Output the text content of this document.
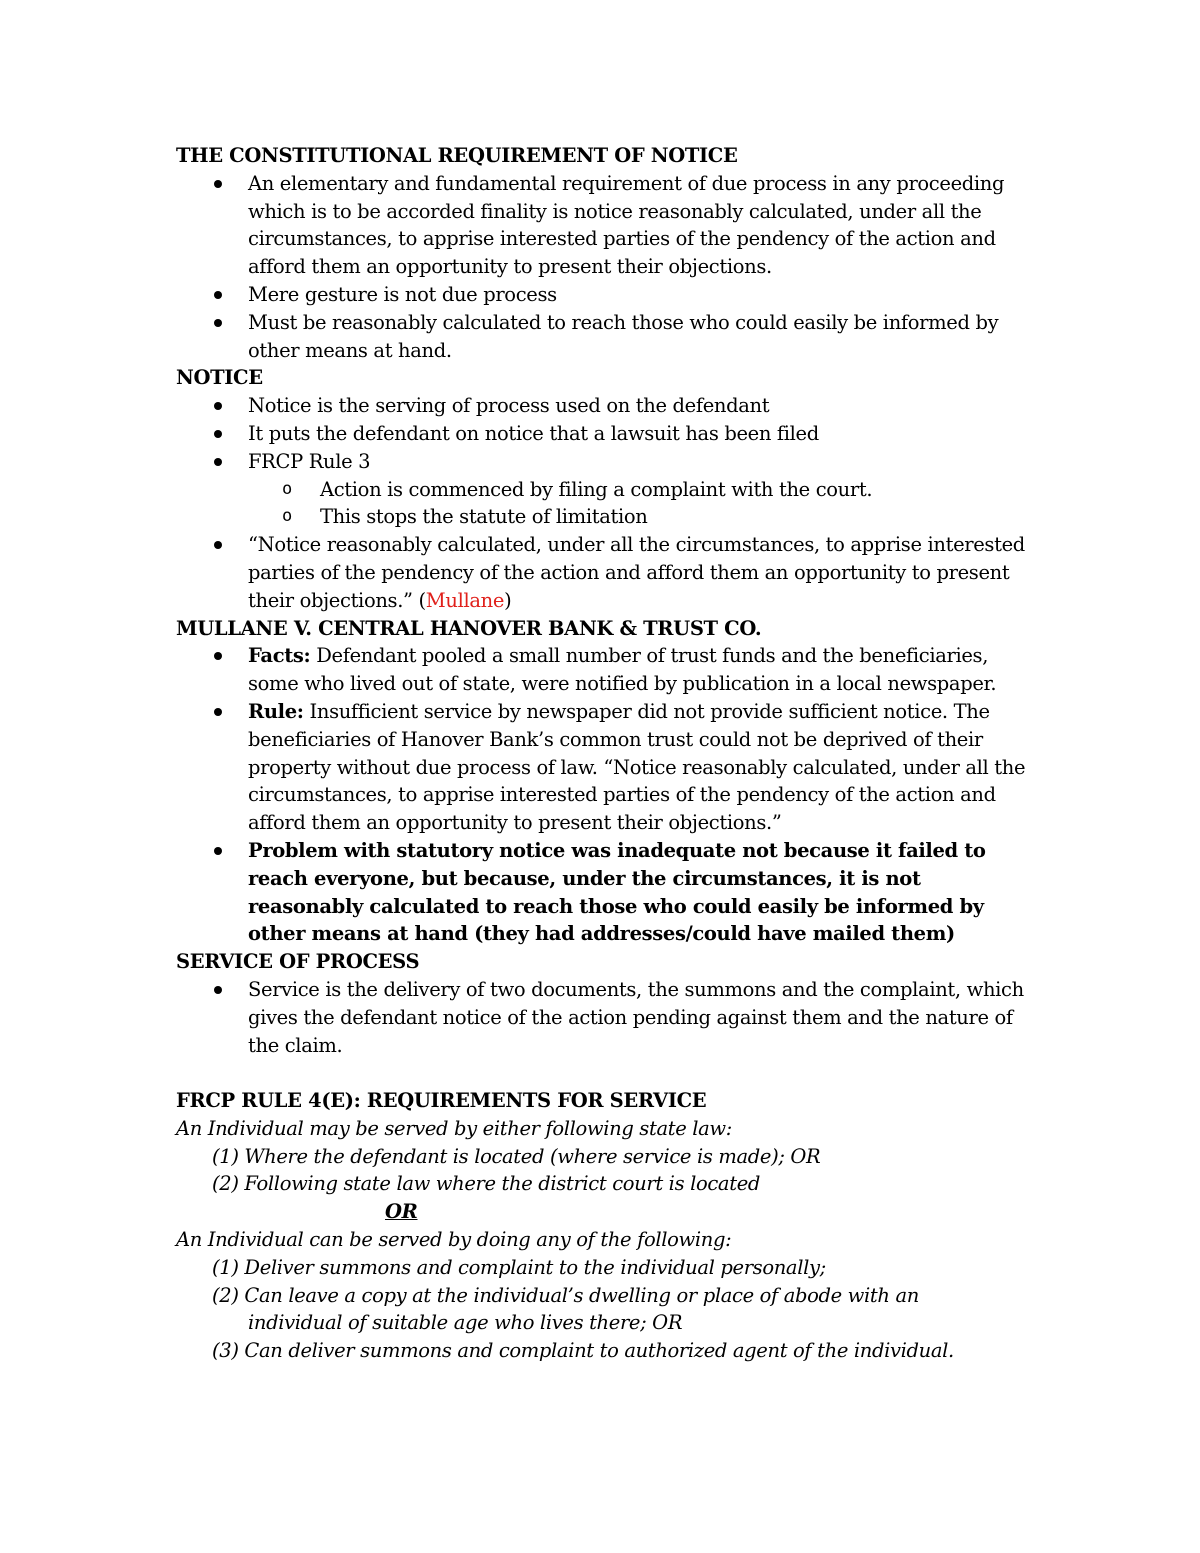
THE CONSTITUTIONAL REQUIREMENT OF NOTICE

An elementary and fundamental requirement of due process in any proceeding which is to be accorded finality is notice reasonably calculated, under all the circumstances, to apprise interested parties of the pendency of the action and afford them an opportunity to present their objections.
Mere gesture is not due process
Must be reasonably calculated to reach those who could easily be informed by other means at hand.

NOTICE

Notice is the serving of process used on the defendant
It puts the defendant on notice that a lawsuit has been filed
FRCP Rule 3
o Action is commenced by filing a complaint with the court.
o This stops the statute of limitation
“Notice reasonably calculated, under all the circumstances, to apprise interested parties of the pendency of the action and afford them an opportunity to present their objections.” (Mullane)

MULLANE V. CENTRAL HANOVER BANK & TRUST CO.

Facts: Defendant pooled a small number of trust funds and the beneficiaries, some who lived out of state, were notified by publication in a local newspaper.
Rule: Insufficient service by newspaper did not provide sufficient notice. The beneficiaries of Hanover Bank’s common trust could not be deprived of their property without due process of law. “Notice reasonably calculated, under all the circumstances, to apprise interested parties of the pendency of the action and afford them an opportunity to present their objections.”
Problem with statutory notice was inadequate not because it failed to reach everyone, but because, under the circumstances, it is not reasonably calculated to reach those who could easily be informed by other means at hand (they had addresses/could have mailed them)

SERVICE OF PROCESS

Service is the delivery of two documents, the summons and the complaint, which gives the defendant notice of the action pending against them and the nature of the claim.

FRCP RULE 4(E): REQUIREMENTS FOR SERVICE

An Individual may be served by either following state law:
(1) Where the defendant is located (where service is made); OR
(2) Following state law where the district court is located
OR
An Individual can be served by doing any of the following:
(1) Deliver summons and complaint to the individual personally;
(2) Can leave a copy at the individual’s dwelling or place of abode with an
individual of suitable age who lives there; OR
(3) Can deliver summons and complaint to authorized agent of the individual.
